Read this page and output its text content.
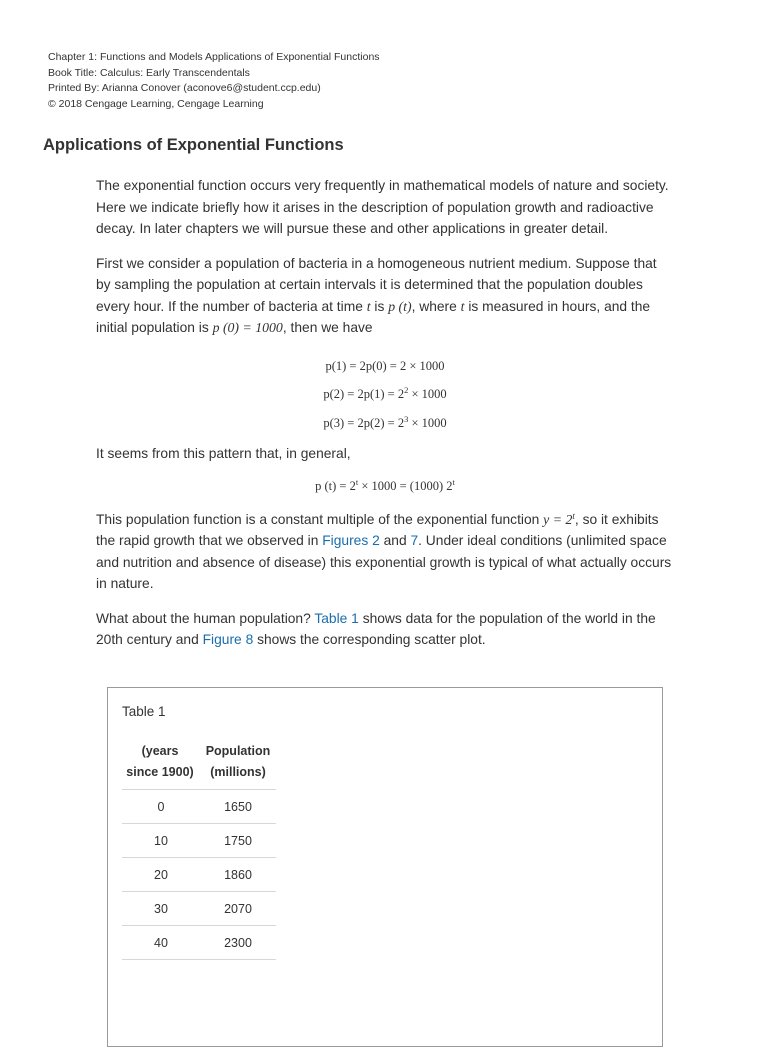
Chapter 1: Functions and Models Applications of Exponential Functions
Book Title: Calculus: Early Transcendentals
Printed By: Arianna Conover (aconove6@student.ccp.edu)
© 2018 Cengage Learning, Cengage Learning
Applications of Exponential Functions

The exponential function occurs very frequently in mathematical models of nature and society. Here we indicate briefly how it arises in the description of population growth and radioactive decay. In later chapters we will pursue these and other applications in greater detail.

First we consider a population of bacteria in a homogeneous nutrient medium. Suppose that by sampling the population at certain intervals it is determined that the population doubles every hour. If the number of bacteria at time t is p (t), where t is measured in hours, and the initial population is p (0) = 1000, then we have

p(1) = 2p(0) = 2 × 1000
$p(2) = 2p(1) = 2^2 \times 1000$
$p(3) = 2p(2) = 2^3 \times 1000$

It seems from this pattern that, in general,

p $(t) = 2^t \times 1000 = (1000)$ 2$^t$

This population function is a constant multiple of the exponential function $y = 2^t$, so it exhibits the rapid growth that we observed in Figures 2 and 7. Under ideal conditions (unlimited space and nutrition and absence of disease) this exponential growth is typical of what actually occurs in nature.

What about the human population? Table 1 shows data for the population of the world in the 20th century and Figure 8 shows the corresponding scatter plot.

Table 1
(years
since 1900)	Population
(millions)
0	1650
10	1750
20	1860
30	2070
40	2300
